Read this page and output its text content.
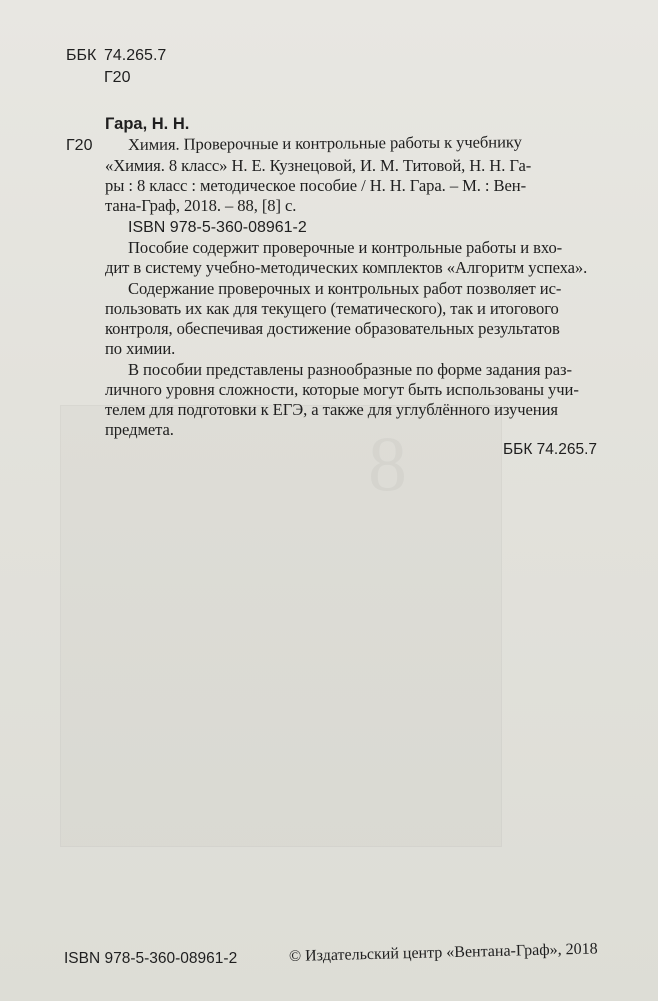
ББК 74.265.7
Г20
Гара, Н. Н.
Г20 Химия. Проверочные и контрольные работы к учебнику
«Химия. 8 класс» Н. Е. Кузнецовой, И. М. Титовой, Н. Н. Га-
ры : 8 класс : методическое пособие / Н. Н. Гара. – М. : Вен-
тана-Граф, 2018. – 88, [8] с.
ISBN 978-5-360-08961-2
Пособие содержит проверочные и контрольные работы и вхо-
дит в систему учебно-методических комплектов «Алгоритм успеха».
Содержание проверочных и контрольных работ позволяет ис-
пользовать их как для текущего (тематического), так и итогового
контроля, обеспечивая достижение образовательных результатов
по химии.
В пособии представлены разнообразные по форме задания раз-
личного уровня сложности, которые могут быть использованы учи-
телем для подготовки к ЕГЭ, а также для углублённого изучения
предмета.
ББК 74.265.7
ISBN 978-5-360-08961-2	© Издательский центр «Вентана-Граф», 2018
